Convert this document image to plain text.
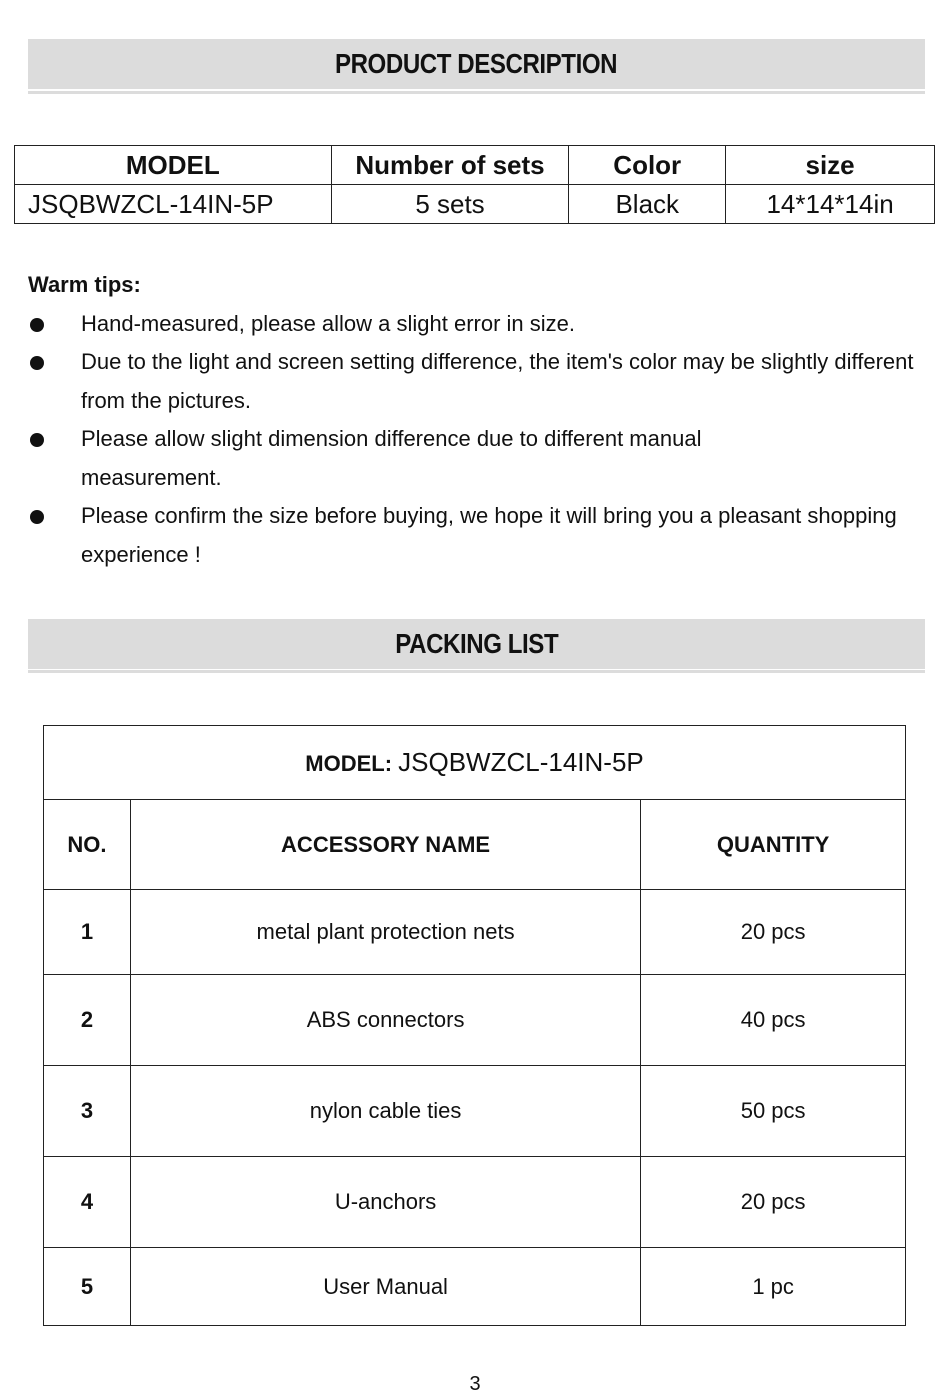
PRODUCT DESCRIPTION
MODEL	Number of sets	Color	size
JSQBWZCL-14IN-5P	5 sets	Black	14*14*14in
Warm tips:
Hand-measured, please allow a slight error in size.
Due to the light and screen setting difference, the item's color may be slightly different from the pictures.
Please allow slight dimension difference due to different manual measurement.
Please confirm the size before buying, we hope it will bring you a pleasant shopping experience !
PACKING LIST
MODEL: JSQBWZCL-14IN-5P		
NO.	ACCESSORY NAME	QUANTITY
1	metal plant protection nets	20 pcs
2	ABS connectors	40 pcs
3	nylon cable ties	50 pcs
4	U-anchors	20 pcs
5	User Manual	1 pc
3
